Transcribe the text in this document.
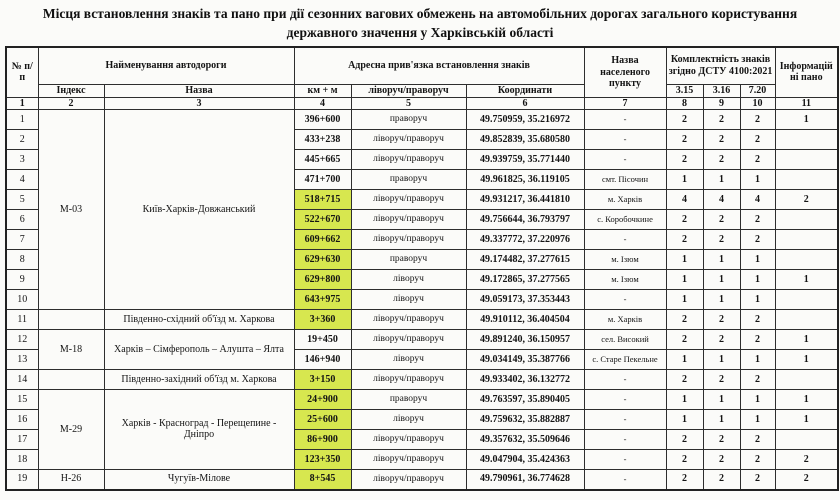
Місця встановлення знаків та пано при дії сезонних вагових обмежень на автомобільних дорогах загального користування
державного значення у Харківській області
№ п/п	Найменування автодороги		Адресна прив'язка встановлення знаків			Назва населеного пункту	Комплектність знаків згідно ДСТУ 4100:2021			Інформаційні пано
	Індекс	Назва	км + м	ліворуч/праворуч	Координати		3.15	3.16	7.20	
1	2	3	4	5	6	7	8	9	10	11
1	М-03	Київ-Харків-Довжанський	396+600	праворуч	49.750959, 35.216972	-	2	2	2	1
2			433+238	ліворуч/праворуч	49.852839, 35.680580	-	2	2	2	
3			445+665	ліворуч/праворуч	49.939759, 35.771440	-	2	2	2	
4			471+700	праворуч	49.961825, 36.119105	смт. Пісочин	1	1	1	
5			518+715	ліворуч/праворуч	49.931217, 36.441810	м. Харків	4	4	4	2
6			522+670	ліворуч/праворуч	49.756644, 36.793797	с. Коробочкине	2	2	2	
7			609+662	ліворуч/праворуч	49.337772, 37.220976	-	2	2	2	
8			629+630	праворуч	49.174482, 37.277615	м. Ізюм	1	1	1	
9			629+800	ліворуч	49.172865, 37.277565	м. Ізюм	1	1	1	1
10			643+975	ліворуч	49.059173, 37.353443	-	1	1	1	
11		Південно-східний об'їзд м. Харкова	3+360	ліворуч/праворуч	49.910112, 36.404504	м. Харків	2	2	2	
12	М-18	Харків – Сімферополь – Алушта – Ялта	19+450	ліворуч/праворуч	49.891240, 36.150957	сел. Високий	2	2	2	1
13			146+940	ліворуч	49.034149, 35.387766	с. Старе Пекельне	1	1	1	1
14		Південно-західний об'їзд м. Харкова	3+150	ліворуч/праворуч	49.933402, 36.132772	-	2	2	2	
15	М-29	Харків - Красноград - Перещепине - Дніпро	24+900	праворуч	49.763597, 35.890405	-	1	1	1	1
16			25+600	ліворуч	49.759632, 35.882887	-	1	1	1	1
17			86+900	ліворуч/праворуч	49.357632, 35.509646	-	2	2	2	
18			123+350	ліворуч/праворуч	49.047904, 35.424363	-	2	2	2	2
19	Н-26	Чугуїв-Мілове	8+545	ліворуч/праворуч	49.790961, 36.774628	-	2	2	2	2
